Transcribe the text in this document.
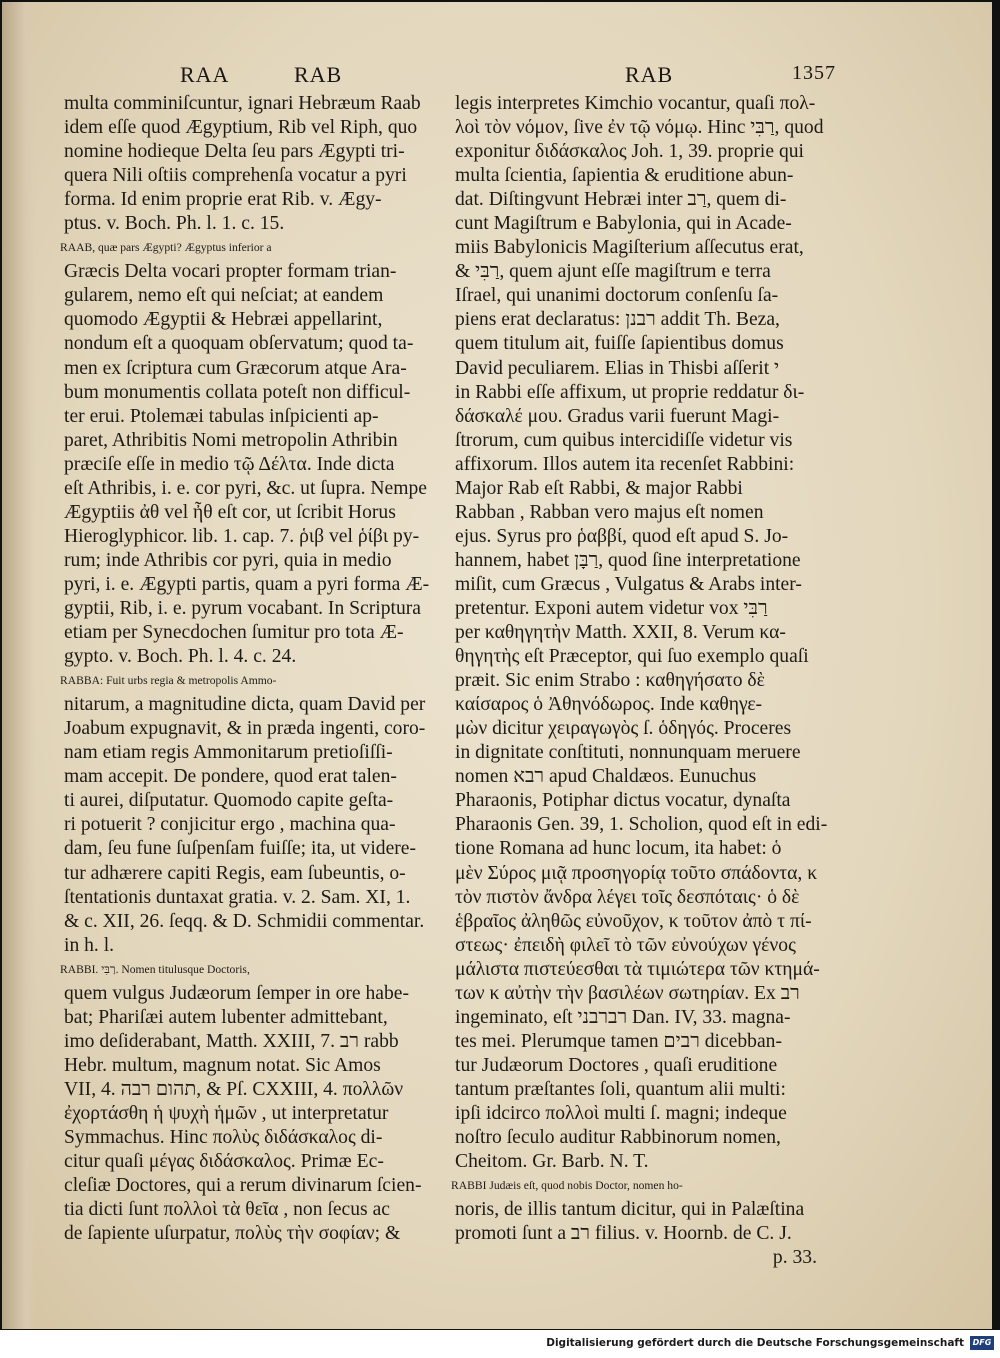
RAA	RAB	RAB	1357
multa comminiſcuntur, ignari Hebræum Raab
idem eſſe quod Ægyptium, Rib vel Riph, quo
nomine hodieque Delta ſeu pars Ægypti tri-
quera Nili oſtiis comprehenſa vocatur a pyri
forma. Id enim proprie erat Rib. v. Ægy-
ptus. v. Boch. Ph. l. 1. c. 15.
RAAB, quæ pars Ægypti? Ægyptus inferior a
Græcis Delta vocari propter formam trian-
gularem, nemo eſt qui neſciat; at eandem
quomodo Ægyptii & Hebræi appellarint,
nondum eſt a quoquam obſervatum; quod ta-
men ex ſcriptura cum Græcorum atque Ara-
bum monumentis collata poteſt non difficul-
ter erui. Ptolemæi tabulas inſpicienti ap-
paret, Athribitis Nomi metropolin Athribin
præciſe eſſe in medio τῷ Δέλτα. Inde dicta
eſt Athribis, i. e. cor pyri, &c. ut ſupra. Nempe
Ægyptiis ἀθ vel ἦθ eſt cor, ut ſcribit Horus
Hieroglyphicor. lib. 1. cap. 7. ῥιβ vel ῥίβι py-
rum; inde Athribis cor pyri, quia in medio
pyri, i. e. Ægypti partis, quam a pyri forma Æ-
gyptii, Rib, i. e. pyrum vocabant. In Scriptura
etiam per Synecdochen ſumitur pro tota Æ-
gypto. v. Boch. Ph. l. 4. c. 24.
RABBA: Fuit urbs regia & metropolis Ammo-
nitarum, a magnitudine dicta, quam David per
Joabum expugnavit, & in præda ingenti, coro-
nam etiam regis Ammonitarum pretioſiſſi-
mam accepit. De pondere, quod erat talen-
ti aurei, diſputatur. Quomodo capite geſta-
ri potuerit ? conjicitur ergo , machina qua-
dam, ſeu fune ſuſpenſam fuiſſe; ita, ut videre-
tur adhærere capiti Regis, eam ſubeuntis, o-
ſtentationis duntaxat gratia. v. 2. Sam. XI, 1.
& c. XII, 26. ſeqq. & D. Schmidii commentar.
in h. l.
RABBI. רַבִּי. Nomen titulusque Doctoris,
quem vulgus Judæorum ſemper in ore habe-
bat; Phariſæi autem lubenter admittebant,
imo deſiderabant, Matth. XXIII, 7. רב rabb
Hebr. multum, magnum notat. Sic Amos
VII, 4. תהום רבה, & Pſ. CXXIII, 4. πολλῶν
ἐχορτάσθη ἡ ψυχὴ ἡμῶν , ut interpretatur
Symmachus. Hinc πολὺς διδάσκαλος di-
citur quaſi μέγας διδάσκαλος. Primæ Ec-
cleſiæ Doctores, qui a rerum divinarum ſcien-
tia dicti ſunt πολλοὶ τὰ θεῖα , non ſecus ac
de ſapiente uſurpatur, πολὺς τὴν σοφίαν; &
legis interpretes Kimchio vocantur, quaſi πολ-
λοὶ τὸν νόμον, ſive ἐν τῷ νόμῳ. Hinc רַבִּי, quod
exponitur διδάσκαλος Joh. 1, 39. proprie qui
multa ſcientia, ſapientia & eruditione abun-
dat. Diſtingvunt Hebræi inter רַב, quem di-
cunt Magiſtrum e Babylonia, qui in Acade-
miis Babylonicis Magiſterium aſſecutus erat,
& רַבִּי, quem ajunt eſſe magiſtrum e terra
Iſrael, qui unanimi doctorum conſenſu ſa-
piens erat declaratus: רבנן addit Th. Beza,
quem titulum ait, fuiſſe ſapientibus domus
David peculiarem. Elias in Thisbi aſſerit י
in Rabbi eſſe affixum, ut proprie reddatur δι-
δάσκαλέ μου. Gradus varii fuerunt Magi-
ſtrorum, cum quibus intercidiſſe videtur vis
affixorum. Illos autem ita recenſet Rabbini:
Major Rab eſt Rabbi, & major Rabbi
Rabban , Rabban vero majus eſt nomen
ejus. Syrus pro ῥαββί, quod eſt apud S. Jo-
hannem, habet רַבָּן, quod ſine interpretatione
miſit, cum Græcus , Vulgatus & Arabs inter-
pretentur. Exponi autem videtur vox רַבִּי
per καθηγητὴν Matth. XXII, 8. Verum κα-
θηγητὴς eſt Præceptor, qui ſuo exemplo quaſi
præit. Sic enim Strabo : καθηγήσατο δὲ
καίσαρος ὁ Ἀθηνόδωρος. Inde καθηγε-
μὼν dicitur χειραγωγὸς ſ. ὁδηγός. Proceres
in dignitate conſtituti, nonnunquam meruere
nomen רבא apud Chaldæos. Eunuchus
Pharaonis, Potiphar dictus vocatur, dynaſta
Pharaonis Gen. 39, 1. Scholion, quod eſt in edi-
tione Romana ad hunc locum, ita habet: ὁ
μὲν Σύρος μιᾷ προσηγορίᾳ τοῦτο σπάδοντα, κ
τὸν πιστὸν ἄνδρα λέγει τοῖς δεσπόταις· ὁ δὲ
ἑβραῖος ἀληθῶς εὐνοῦχον, κ τοῦτον ἀπὸ τ πί-
στεως· ἐπειδὴ φιλεῖ τὸ τῶν εὐνούχων γένος
μάλιστα πιστεύεσθαι τὰ τιμιώτερα τῶν κτημά-
των κ αὐτὴν τὴν βασιλέων σωτηρίαν. Ex רב
ingeminato, eſt רברבני Dan. IV, 33. magna-
tes mei. Plerumque tamen רבים dicebban-
tur Judæorum Doctores , quaſi eruditione
tantum præſtantes ſoli, quantum alii multi:
ipſi idcirco πολλοὶ multi ſ. magni; indeque
noſtro ſeculo auditur Rabbinorum nomen,
Cheitom. Gr. Barb. N. T.
RABBI Judæis eſt, quod nobis Doctor, nomen ho-
noris, de illis tantum dicitur, qui in Palæſtina
promoti ſunt a רב filius. v. Hoornb. de C. J.
p. 33.
Digitalisierung gefördert durch die Deutsche Forschungsgemeinschaft	DFG
